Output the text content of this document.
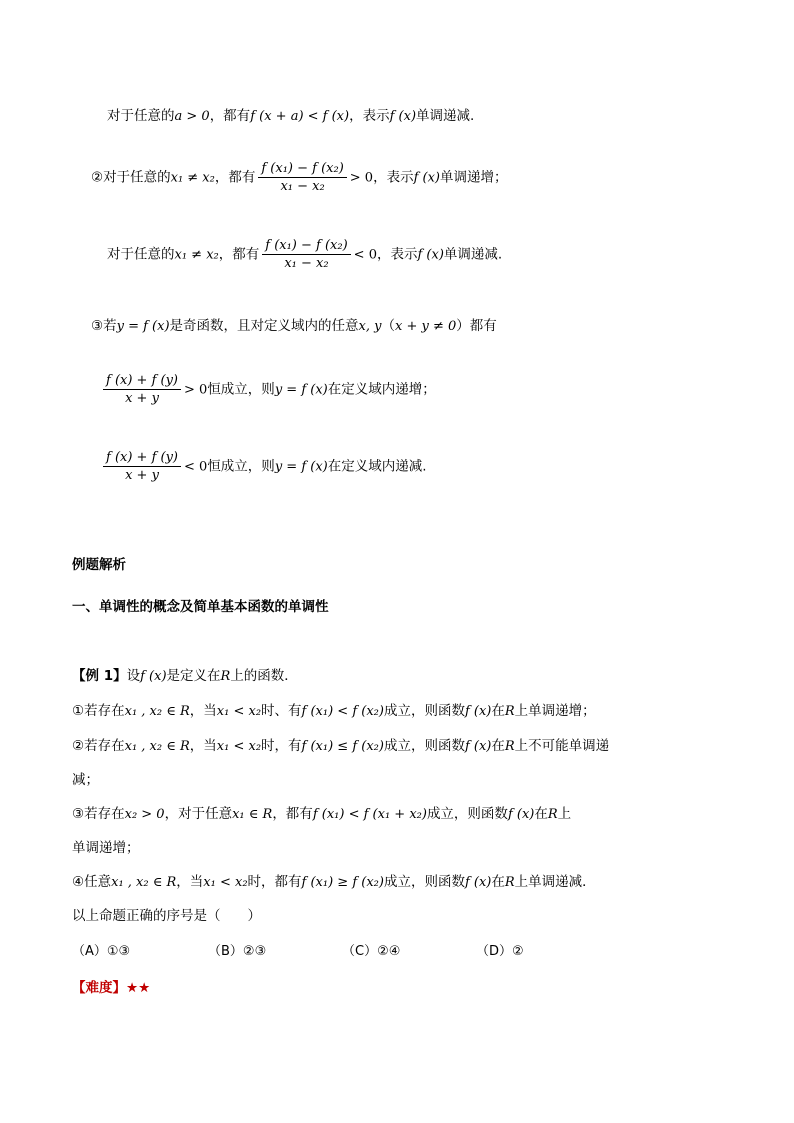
对于任意的a > 0，都有f (x + a) < f (x)，表示f (x)单调递减.
②对于任意的x₁ ≠ x₂，都有 $\frac{\text{f (x₁) − f (x₂)}}{\text{x₁ − x₂}} > 0$，表示f (x)单调递增；
对于任意的x₁ ≠ x₂，都有 $\frac{\text{f (x₁) − f (x₂)}}{\text{x₁ − x₂}} < 0$，表示f (x)单调递减.
③若y = f (x)是奇函数，且对定义域内的任意x, y（x + y ≠ 0）都有
$\frac{f (x) + f (y)}{x + y} > 0$恒成立，则y = f (x)在定义域内递增；
$\frac{f (x) + f (y)}{x + y} < 0$恒成立，则y = f (x)在定义域内递减.
例题解析
一、单调性的概念及简单基本函数的单调性
【例 1】设f (x)是定义在R上的函数．
①若存在x₁ , x₂ ∈ R，当x₁ < x₂时、有f (x₁) < f (x₂)成立，则函数f (x)在R上单调递增；
②若存在x₁ , x₂ ∈ R，当x₁ < x₂时，有f (x₁) ≤ f (x₂)成立，则函数f (x)在R上不可能单调递
减；
③若存在x₂ > 0，对于任意x₁ ∈ R，都有f (x₁) < f (x₁ + x₂)成立，则函数f (x)在R上
单调递增；
④任意x₁ , x₂ ∈ R，当x₁ < x₂时，都有f (x₁) ≥ f (x₂)成立，则函数f (x)在R上单调递减．
以上命题正确的序号是（　　）
（A）①③	（B）②③	（C）②④	（D）②
【难度】★★
